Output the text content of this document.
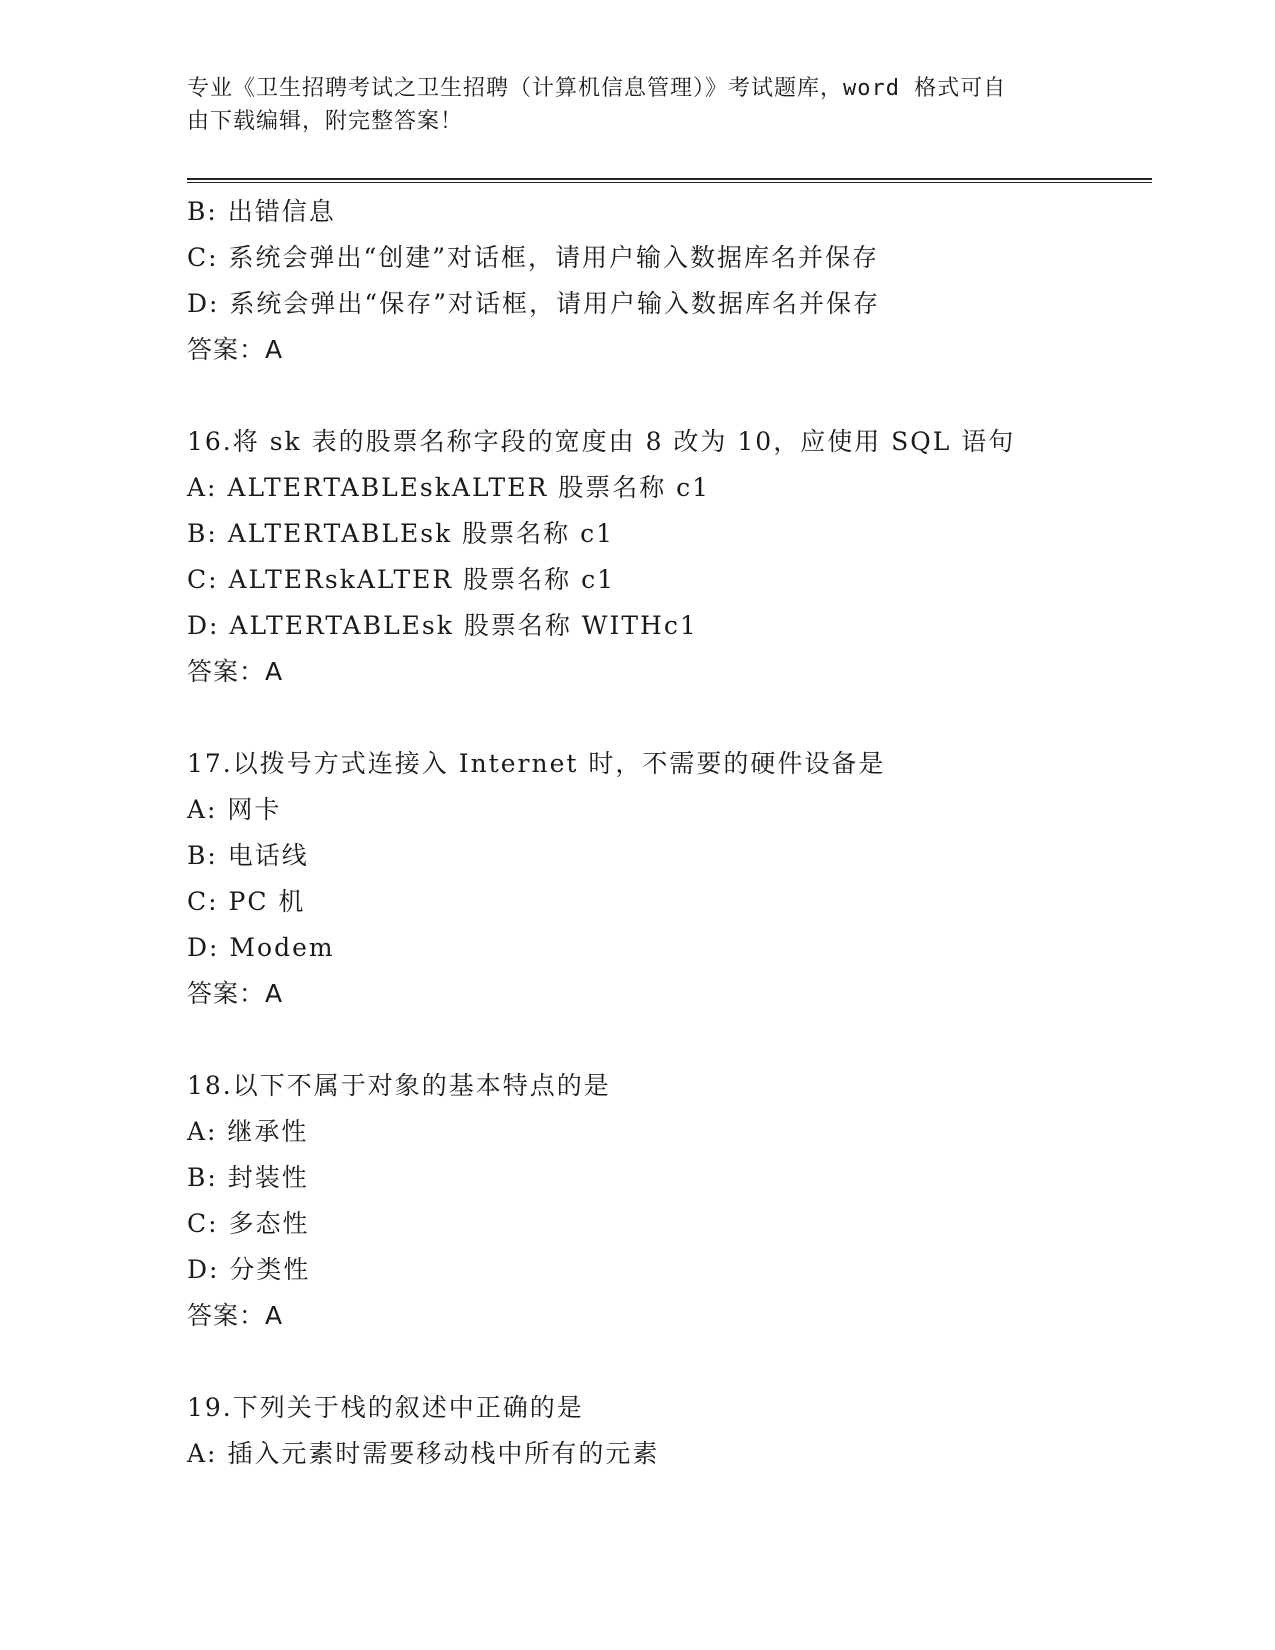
专业《卫生招聘考试之卫生招聘（计算机信息管理）》考试题库，word 格式可自
由下载编辑，附完整答案！
B: 出错信息
C: 系统会弹出“创建”对话框，请用户输入数据库名并保存
D: 系统会弹出“保存”对话框，请用户输入数据库名并保存
答案：A
16.将 sk 表的股票名称字段的宽度由 8 改为 10，应使用 SQL 语句
A: ALTERTABLEskALTER 股票名称 c1
B: ALTERTABLEsk 股票名称 c1
C: ALTERskALTER 股票名称 c1
D: ALTERTABLEsk 股票名称 WITHc1
答案：A
17.以拨号方式连接入 Internet 时，不需要的硬件设备是
A: 网卡
B: 电话线
C: PC 机
D: Modem
答案：A
18.以下不属于对象的基本特点的是
A: 继承性
B: 封装性
C: 多态性
D: 分类性
答案：A
19.下列关于栈的叙述中正确的是
A: 插入元素时需要移动栈中所有的元素
